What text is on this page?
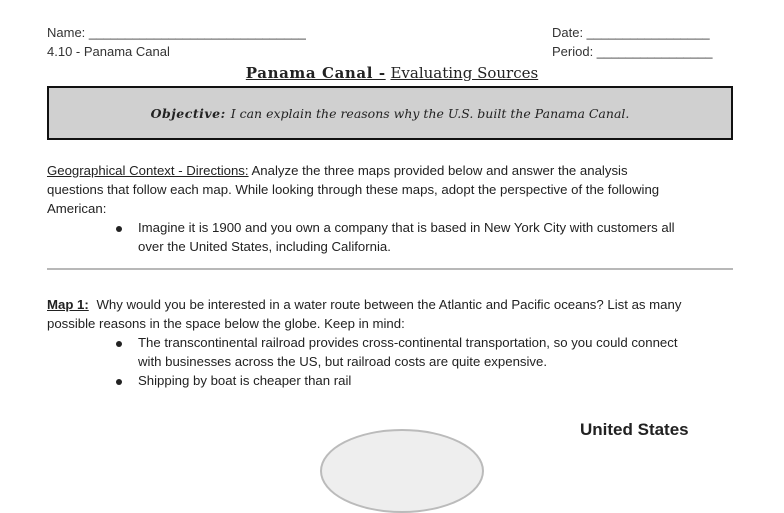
Name: ______________________________
4.10 - Panama Canal
Date: _________________
Period: ________________
Panama Canal - Evaluating Sources
Objective: I can explain the reasons why the U.S. built the Panama Canal.
Geographical Context - Directions: Analyze the three maps provided below and answer the analysis
questions that follow each map. While looking through these maps, adopt the perspective of the following
American:
Imagine it is 1900 and you own a company that is based in New York City with customers all
over the United States, including California.
Map 1: Why would you be interested in a water route between the Atlantic and Pacific oceans? List as many
possible reasons in the space below the globe. Keep in mind:
The transcontinental railroad provides cross-continental transportation, so you could connect
with businesses across the US, but railroad costs are quite expensive.
Shipping by boat is cheaper than rail
United States
